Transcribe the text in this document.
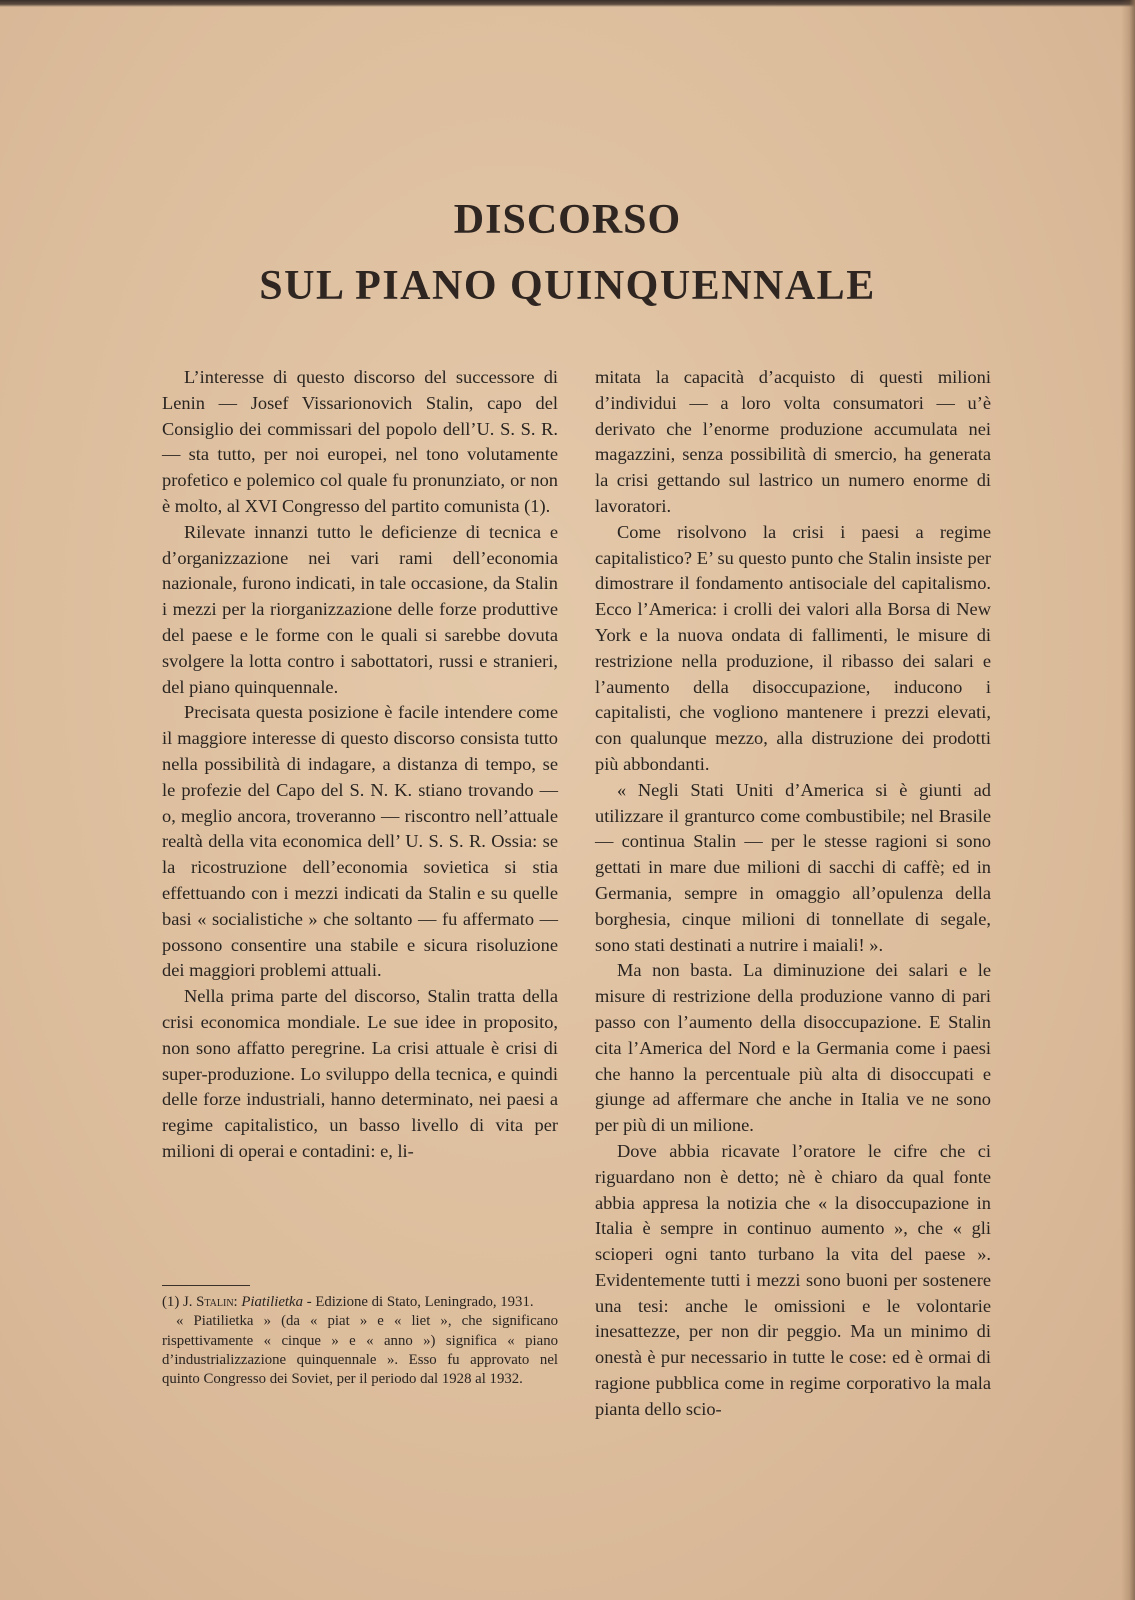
DISCORSO
SUL PIANO QUINQUENNALE

L’interesse di questo discorso del successore di Lenin — Josef Vissarionovich Stalin, capo del Consiglio dei commissari del popolo dell’U. S. S. R. — sta tutto, per noi europei, nel tono volutamente profetico e polemico col quale fu pronunziato, or non è molto, al XVI Congresso del partito comunista (1).

Rilevate innanzi tutto le deficienze di tecnica e d’organizzazione nei vari rami dell’economia nazionale, furono indicati, in tale occasione, da Stalin i mezzi per la riorganizzazione delle forze produttive del paese e le forme con le quali si sarebbe dovuta svolgere la lotta contro i sabottatori, russi e stranieri, del piano quinquennale.

Precisata questa posizione è facile intendere come il maggiore interesse di questo discorso consista tutto nella possibilità di indagare, a distanza di tempo, se le profezie del Capo del S. N. K. stiano trovando — o, meglio ancora, troveranno — riscontro nell’attuale realtà della vita economica dell’ U. S. S. R. Ossia: se la ricostruzione dell’economia sovietica si stia effettuando con i mezzi indicati da Stalin e su quelle basi « socialistiche » che soltanto — fu affermato — possono consentire una stabile e sicura risoluzione dei maggiori problemi attuali.

Nella prima parte del discorso, Stalin tratta della crisi economica mondiale. Le sue idee in proposito, non sono affatto peregrine. La crisi attuale è crisi di super-produzione. Lo sviluppo della tecnica, e quindi delle forze industriali, hanno determinato, nei paesi a regime capitalistico, un basso livello di vita per milioni di operai e contadini: e, li-

mitata la capacità d’acquisto di questi milioni d’individui — a loro volta consumatori — u’è derivato che l’enorme produzione accumulata nei magazzini, senza possibilità di smercio, ha generata la crisi gettando sul lastrico un numero enorme di lavoratori.

Come risolvono la crisi i paesi a regime capitalistico? E’ su questo punto che Stalin insiste per dimostrare il fondamento antisociale del capitalismo. Ecco l’America: i crolli dei valori alla Borsa di New York e la nuova ondata di fallimenti, le misure di restrizione nella produzione, il ribasso dei salari e l’aumento della disoccupazione, inducono i capitalisti, che vogliono mantenere i prezzi elevati, con qualunque mezzo, alla distruzione dei prodotti più abbondanti.

« Negli Stati Uniti d’America si è giunti ad utilizzare il granturco come combustibile; nel Brasile — continua Stalin — per le stesse ragioni si sono gettati in mare due milioni di sacchi di caffè; ed in Germania, sempre in omaggio all’opulenza della borghesia, cinque milioni di tonnellate di segale, sono stati destinati a nutrire i maiali! ».

Ma non basta. La diminuzione dei salari e le misure di restrizione della produzione vanno di pari passo con l’aumento della disoccupazione. E Stalin cita l’America del Nord e la Germania come i paesi che hanno la percentuale più alta di disoccupati e giunge ad affermare che anche in Italia ve ne sono per più di un milione.

Dove abbia ricavate l’oratore le cifre che ci riguardano non è detto; nè è chiaro da qual fonte abbia appresa la notizia che « la disoccupazione in Italia è sempre in continuo aumento », che « gli scioperi ogni tanto turbano la vita del paese ». Evidentemente tutti i mezzi sono buoni per sostenere una tesi: anche le omissioni e le volontarie inesattezze, per non dir peggio. Ma un minimo di onestà è pur necessario in tutte le cose: ed è ormai di ragione pubblica come in regime corporativo la mala pianta dello scio-

(1) J. Stalin: Piatilietka - Edizione di Stato, Leningrado, 1931.

« Piatilietka » (da « piat » e « liet », che significano rispettivamente « cinque » e « anno ») significa « piano d’industrializzazione quinquennale ». Esso fu approvato nel quinto Congresso dei Soviet, per il periodo dal 1928 al 1932.
